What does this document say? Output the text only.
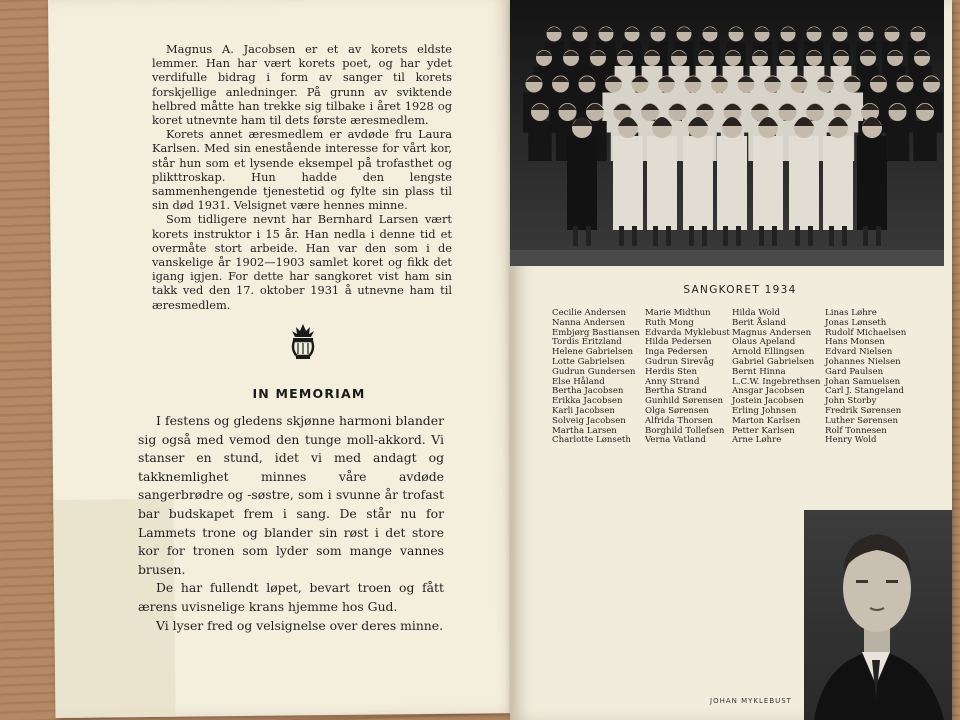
Magnus A. Jacobsen er et av korets eldste lemmer. Han har vært korets poet, og har ydet verdifulle bidrag i form av sanger til korets forskjellige anledninger. På grunn av sviktende helbred måtte han trekke sig tilbake i året 1928 og koret utnevnte ham til dets første æresmedlem.

Korets annet æresmedlem er avdøde fru Laura Karlsen. Med sin enestående interesse for vårt kor, står hun som et lysende eksempel på trofasthet og plikttroskap. Hun hadde den lengste sammenhengende tjenestetid og fylte sin plass til sin død 1931. Velsignet være hennes minne.

Som tidligere nevnt har Bernhard Larsen vært korets instruktor i 15 år. Han nedla i denne tid et overmåte stort arbeide. Han var den som i de vanskelige år 1902—1903 samlet koret og fikk det igang igjen. For dette har sangkoret vist ham sin takk ved den 17. oktober 1931 å utnevne ham til æresmedlem.

IN MEMORIAM

I festens og gledens skjønne harmoni blander sig også med vemod den tunge moll-akkord. Vi stanser en stund, idet vi med andagt og takknemlighet minnes våre avdøde sangerbrødre og -søstre, som i svunne år trofast bar budskapet frem i sang. De står nu for Lammets trone og blander sin røst i det store kor for tronen som lyder som mange vannes brusen.

De har fullendt løpet, bevart troen og fått ærens uvisnelige krans hjemme hos Gud.

Vi lyser fred og velsignelse over deres minne.

SANGKORET 1934
Cecilie Andersen
Nanna Andersen
Embjørg Bastiansen
Tordis Eritzland
Helene Gabrielsen
Lotte Gabrielsen
Gudrun Gundersen
Else Håland
Bertha Jacobsen
Erikka Jacobsen
Karli Jacobsen
Solveig Jacobsen
Martha Larsen
Charlotte Lønseth
Marie Midthun
Ruth Mong
Edvarda Myklebust
Hilda Pedersen
Inga Pedersen
Gudrun Sirevåg
Herdis Sten
Anny Strand
Bertha Strand
Gunhild Sørensen
Olga Sørensen
Alfrida Thorsen
Borghild Tollefsen
Verna Vatland
Hilda Wold
Berit Åsland
Magnus Andersen
Olaus Apeland
Arnold Ellingsen
Gabriel Gabrielsen
Bernt Hinna
L.C.W. Ingebrethsen
Ansgar Jacobsen
Jostein Jacobsen
Erling Johnsen
Marton Karlsen
Petter Karlsen
Arne Løhre
Linas Løhre
Jonas Lønseth
Rudolf Michaelsen
Hans Monsen
Edvard Nielsen
Johannes Nielsen
Gard Paulsen
Johan Samuelsen
Carl J. Stangeland
John Storby
Fredrik Sørensen
Luther Sørensen
Rolf Tonnesen
Henry Wold
JOHAN MYKLEBUST
